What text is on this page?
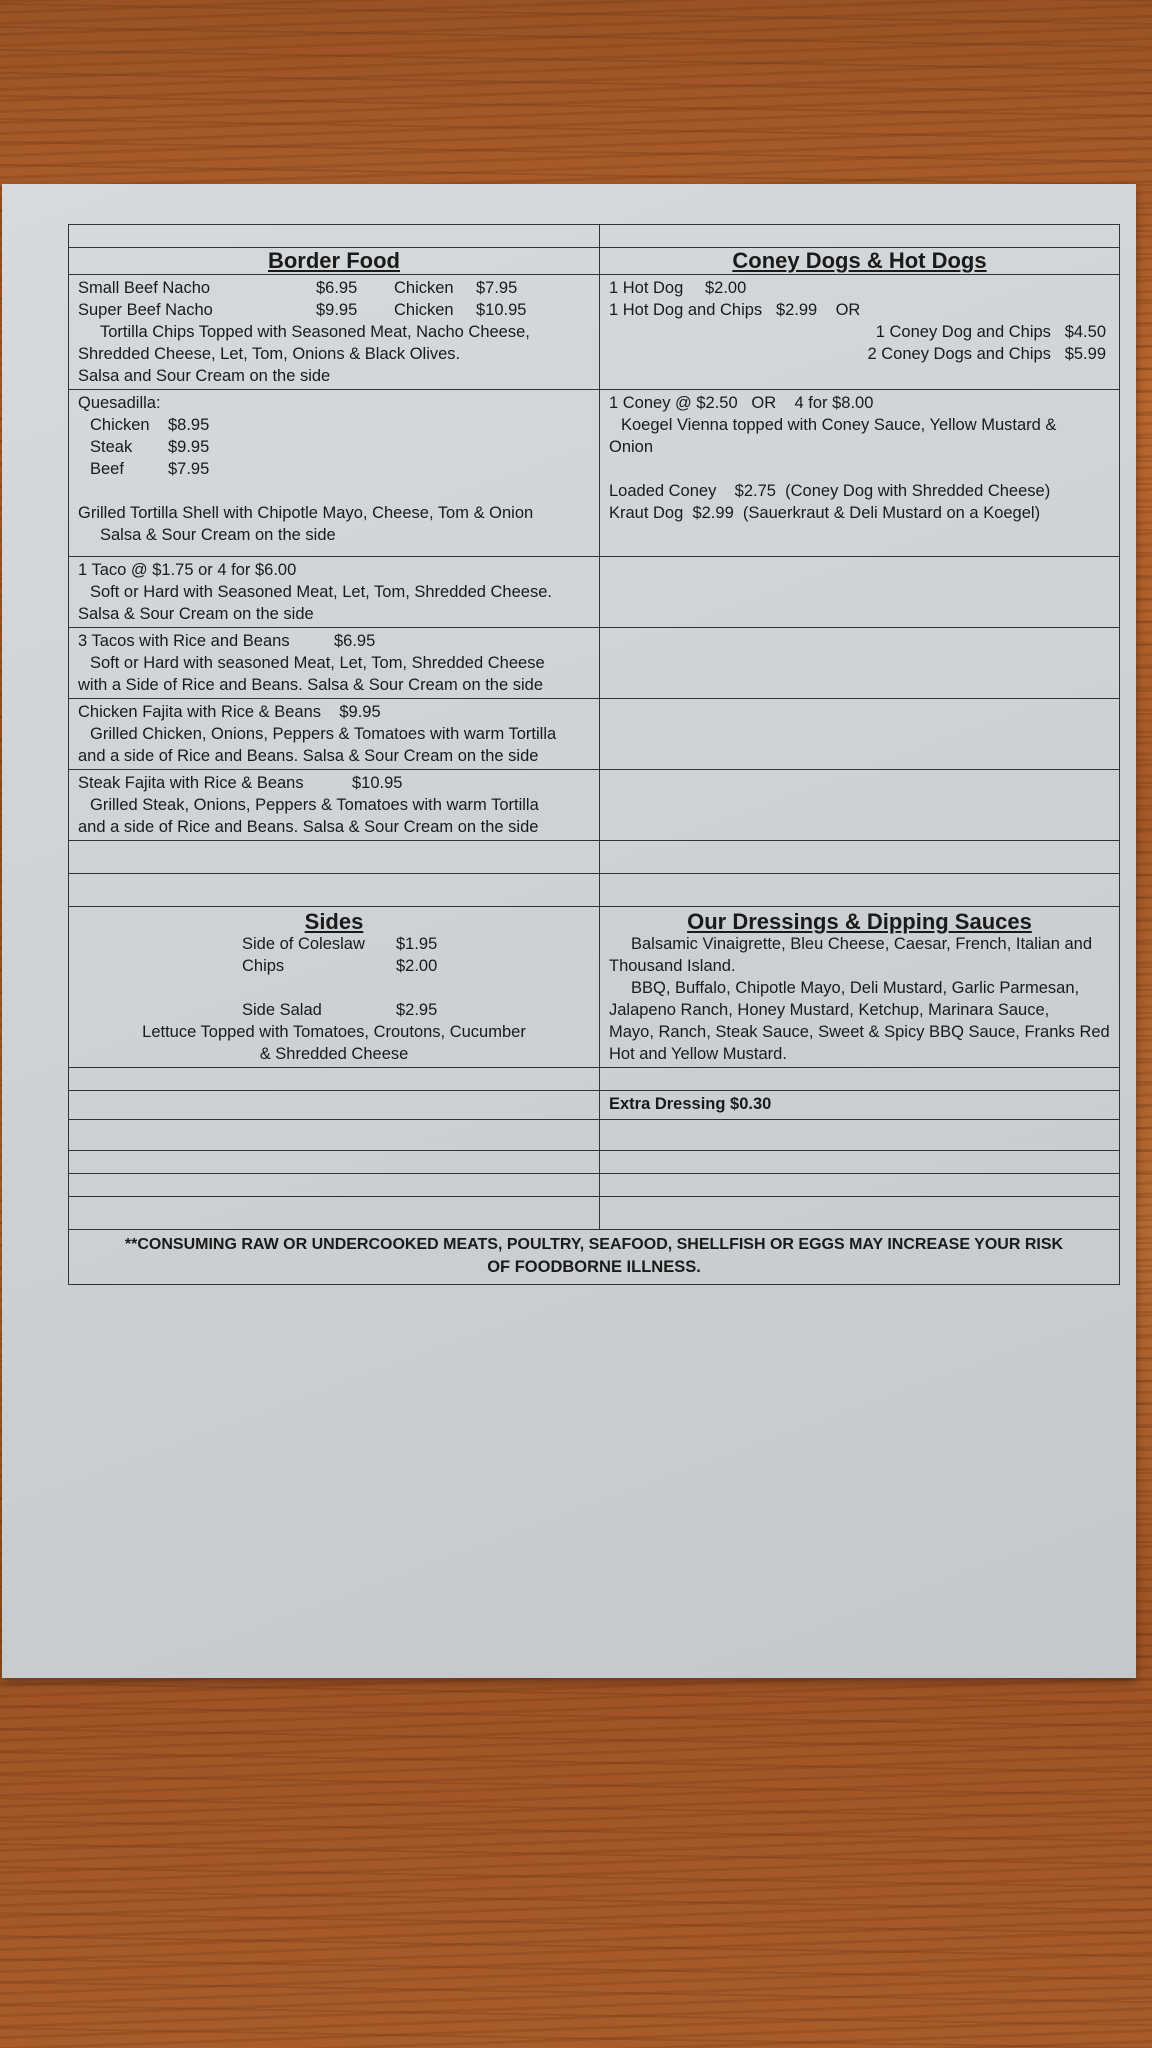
Border Food	Coney Dogs & Hot Dogs
Small Beef Nacho	$6.95 Chicken $7.95
Super Beef Nacho	$9.95 Chicken $10.95
Tortilla Chips Topped with Seasoned Meat, Nacho Cheese,
Shredded Cheese, Let, Tom, Onions & Black Olives.
Salsa and Sour Cream on the side
1 Hot Dog $2.00
1 Hot Dog and Chips $2.99 OR
1 Coney Dog and Chips $4.50
2 Coney Dogs and Chips $5.99
Quesadilla:
Chicken $8.95
Steak $9.95
Beef	$7.95
Grilled Tortilla Shell with Chipotle Mayo, Cheese, Tom & Onion
Salsa & Sour Cream on the side
1 Coney @ $2.50 OR 4 for $8.00
Koegel Vienna topped with Coney Sauce, Yellow Mustard &
Onion
Loaded Coney $2.75 (Coney Dog with Shredded Cheese)
Kraut Dog $2.99 (Sauerkraut & Deli Mustard on a Koegel)
1 Taco @ $1.75 or 4 for $6.00
Soft or Hard with Seasoned Meat, Let, Tom, Shredded Cheese.
Salsa & Sour Cream on the side
3 Tacos with Rice and Beans	$6.95
Soft or Hard with seasoned Meat, Let, Tom, Shredded Cheese
with a Side of Rice and Beans. Salsa & Sour Cream on the side
Chicken Fajita with Rice & Beans $9.95
Grilled Chicken, Onions, Peppers & Tomatoes with warm Tortilla
and a side of Rice and Beans. Salsa & Sour Cream on the side
Steak Fajita with Rice & Beans	$10.95
Grilled Steak, Onions, Peppers & Tomatoes with warm Tortilla
and a side of Rice and Beans. Salsa & Sour Cream on the side
Sides
Side of Coleslaw $1.95
Chips	$2.00
Side Salad	$2.95
Lettuce Topped with Tomatoes, Croutons, Cucumber
& Shredded Cheese
Our Dressings & Dipping Sauces
Balsamic Vinaigrette, Bleu Cheese, Caesar, French, Italian and
Thousand Island.
BBQ, Buffalo, Chipotle Mayo, Deli Mustard, Garlic Parmesan,
Jalapeno Ranch, Honey Mustard, Ketchup, Marinara Sauce,
Mayo, Ranch, Steak Sauce, Sweet & Spicy BBQ Sauce, Franks Red
Hot and Yellow Mustard.
Extra Dressing $0.30
**CONSUMING RAW OR UNDERCOOKED MEATS, POULTRY, SEAFOOD, SHELLFISH OR EGGS MAY INCREASE YOUR RISK
OF FOODBORNE ILLNESS.
